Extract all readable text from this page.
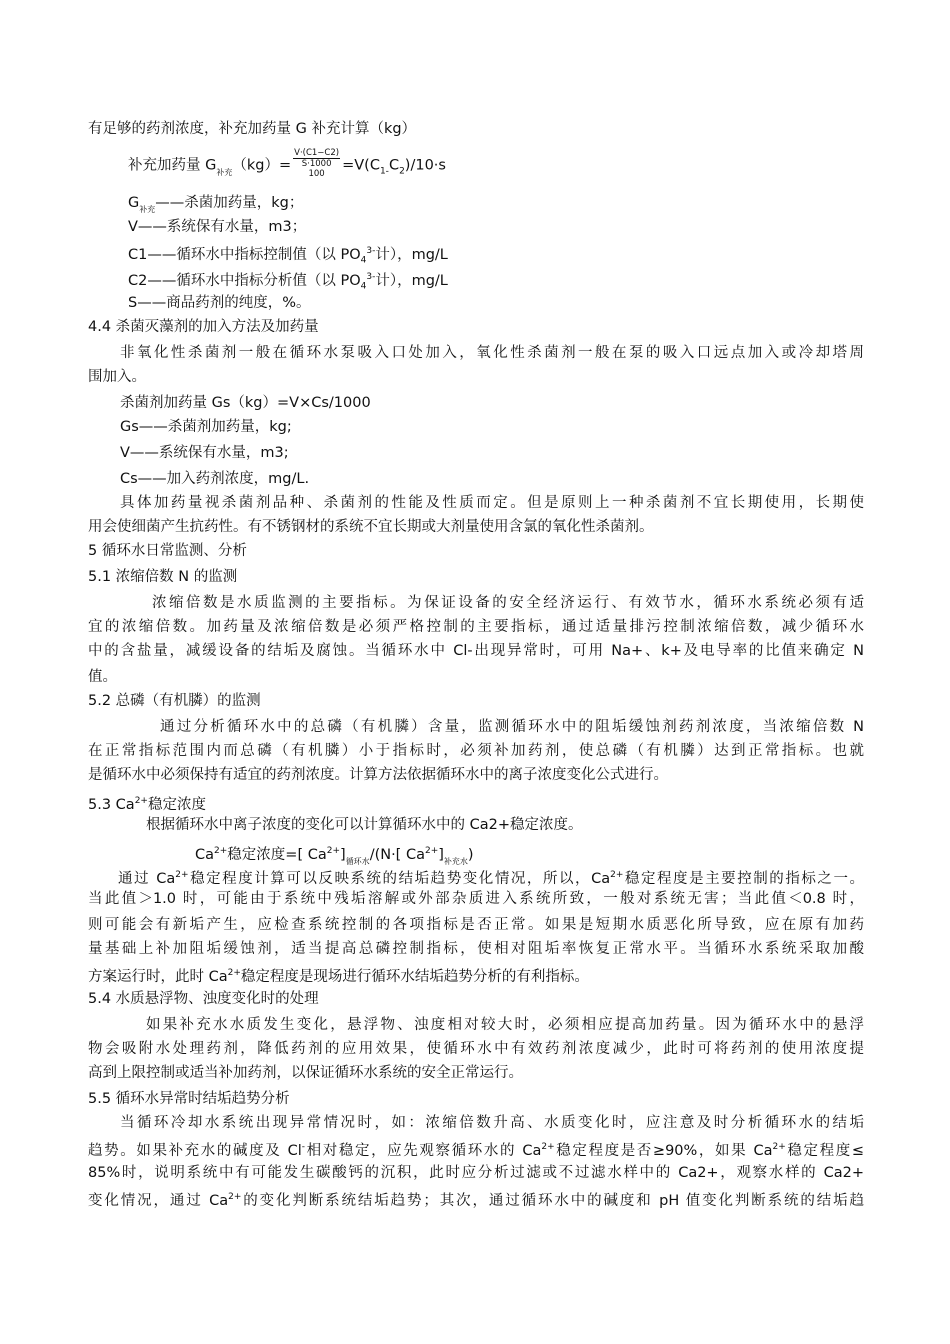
有足够的药剂浓度，补充加药量 G 补充计算（kg）
补充加药量 $G_{补充}(kg)=$
V·(C1−C2)
S·1000
100
$=V(C_{1-}C_2)/10\cdot s$
$G_{补充}——$杀菌加药量，kg；
V——系统保有水量，m3；
C1——循环水中指标控制值（以 $PO_4^{3-}$计），mg/L
C2——循环水中指标分析值（以 $PO_4^{3-}$计），mg/L
S——商品药剂的纯度，%。
4.4 杀菌灭藻剂的加入方法及加药量
非氧化性杀菌剂一般在循环水泵吸入口处加入，氧化性杀菌剂一般在泵的吸入口远点加入或冷却塔周
围加入。
杀菌剂加药量 Gs（kg）=V×Cs/1000
Gs——杀菌剂加药量，kg;
V——系统保有水量，m3;
Cs——加入药剂浓度，mg/L.
具体加药量视杀菌剂品种、杀菌剂的性能及性质而定。但是原则上一种杀菌剂不宜长期使用，长期使
用会使细菌产生抗药性。有不锈钢材的系统不宜长期或大剂量使用含氯的氧化性杀菌剂。
5 循环水日常监测、分析
5.1 浓缩倍数 N 的监测
浓缩倍数是水质监测的主要指标。为保证设备的安全经济运行、有效节水，循环水系统必须有适
宜的浓缩倍数。加药量及浓缩倍数是必须严格控制的主要指标，通过适量排污控制浓缩倍数，减少循环水
中的含盐量，减缓设备的结垢及腐蚀。当循环水中 Cl-出现异常时，可用 Na+、k+及电导率的比值来确定 N
值。
5.2 总磷（有机膦）的监测
通过分析循环水中的总磷（有机膦）含量，监测循环水中的阻垢缓蚀剂药剂浓度，当浓缩倍数 N
在正常指标范围内而总磷（有机膦）小于指标时，必须补加药剂，使总磷（有机膦）达到正常指标。也就
是循环水中必须保持有适宜的药剂浓度。计算方法依据循环水中的离子浓度变化公式进行。
5.3 $Ca^{2+}$稳定浓度
根据循环水中离子浓度的变化可以计算循环水中的 Ca2+稳定浓度。
$Ca^{2+}$稳定浓度=[ $Ca^{2+}]_{循环水}/(N\cdot$[ $Ca^{2+}]_{补充水}$)
通过 $Ca^{2+}$稳定程度计算可以反映系统的结垢趋势变化情况，所以，$Ca^{2+}$稳定程度是主要控制的指标之一。
当此值＞1.0 时，可能由于系统中残垢溶解或外部杂质进入系统所致，一般对系统无害；当此值＜0.8 时，
则可能会有新垢产生，应检查系统控制的各项指标是否正常。如果是短期水质恶化所导致，应在原有加药
量基础上补加阻垢缓蚀剂，适当提高总磷控制指标，使相对阻垢率恢复正常水平。当循环水系统采取加酸
方案运行时，此时 $Ca^{2+}$稳定程度是现场进行循环水结垢趋势分析的有利指标。
5.4 水质悬浮物、浊度变化时的处理
如果补充水水质发生变化，悬浮物、浊度相对较大时，必须相应提高加药量。因为循环水中的悬浮
物会吸附水处理药剂，降低药剂的应用效果，使循环水中有效药剂浓度减少，此时可将药剂的使用浓度提
高到上限控制或适当补加药剂，以保证循环水系统的安全正常运行。
5.5 循环水异常时结垢趋势分析
当循环冷却水系统出现异常情况时，如：浓缩倍数升高、水质变化时，应注意及时分析循环水的结垢
趋势。如果补充水的碱度及 Cl-相对稳定，应先观察循环水的 $Ca^{2+}$稳定程度是否≥90%，如果 $Ca^{2+}$稳定程度≤
85%时，说明系统中有可能发生碳酸钙的沉积，此时应分析过滤或不过滤水样中的 Ca2+，观察水样的 Ca2+
变化情况，通过 $Ca^{2+}$的变化判断系统结垢趋势；其次，通过循环水中的碱度和 pH 值变化判断系统的结垢趋
